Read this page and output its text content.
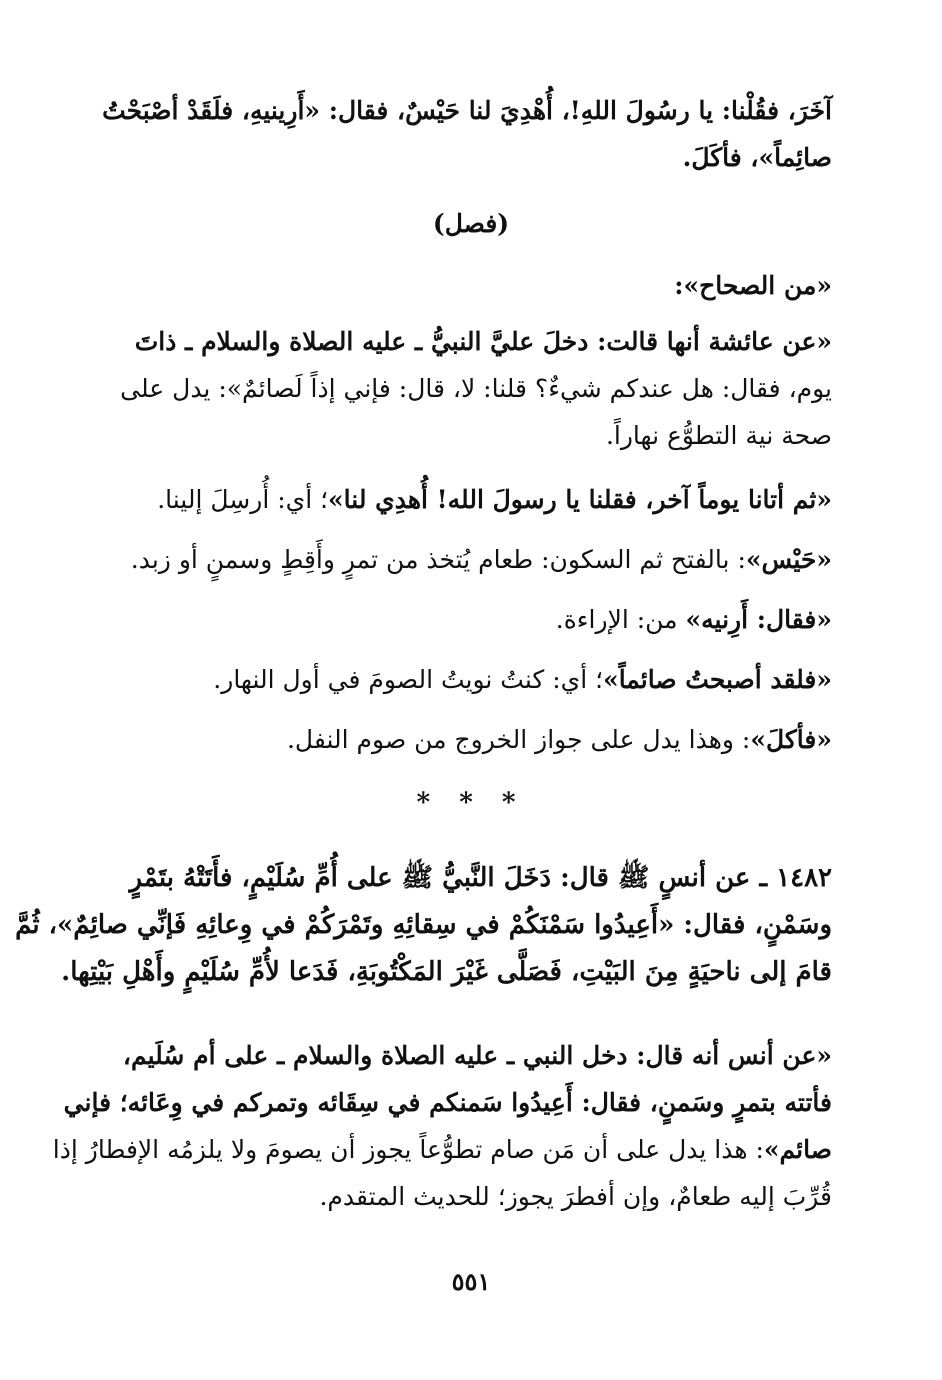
آخَرَ، فقُلْنا: يا رسُولَ اللهِ!، أُهْدِيَ لنا حَيْسٌ، فقال: «أَرِينيهِ، فلَقَدْ أصْبَحْتُ
صائِماً»، فأكَلَ.
(فصل)
«من الصحاح»:
«عن عائشة أنها قالت: دخلَ عليَّ النبيُّ ـ عليه الصلاة والسلام ـ ذاتَ
يوم، فقال: هل عندكم شيءٌ؟ قلنا: لا، قال: فإني إذاً لَصائمٌ»: يدل على
صحة نية التطوُّع نهاراً.
«ثم أتانا يوماً آخر، فقلنا يا رسولَ الله! أُهدِي لنا»؛ أي: أُرسِلَ إلينا.
«حَيْس»: بالفتح ثم السكون: طعام يُتخذ من تمرٍ وأَقِطٍ وسمنٍ أو زبد.
«فقال: أَرِنيه» من: الإراءة.
«فلقد أصبحتُ صائماً»؛ أي: كنتُ نويتُ الصومَ في أول النهار.
«فأكلَ»: وهذا يدل على جواز الخروج من صوم النفل.
* * *
١٤٨٢ ـ عن أنسٍ ﷺ قال: دَخَلَ النَّبيُّ ﷺ على أُمِّ سُلَيْمٍ، فأَتَتْهُ بتَمْرٍ
وسَمْنٍ، فقال: «أَعِيدُوا سَمْنَكُمْ في سِقائِهِ وتَمْرَكُمْ في وِعائِهِ فَإنِّي صائِمٌ»، ثُمَّ
قامَ إلى ناحيَةٍ مِنَ البَيْتِ، فَصَلَّى غَيْرَ المَكْتُوبَةِ، فَدَعا لأُمِّ سُلَيْمٍ وأَهْلِ بَيْتِها.
«عن أنس أنه قال: دخل النبي ـ عليه الصلاة والسلام ـ على أم سُلَيم،
فأتته بتمرٍ وسَمنٍ، فقال: أَعِيدُوا سَمنكم في سِقَائه وتمركم في وِعَائه؛ فإني
صائم»: هذا يدل على أن مَن صام تطوُّعاً يجوز أن يصومَ ولا يلزمُه الإفطارُ إذا
قُرِّبَ إليه طعامٌ، وإن أفطرَ يجوز؛ للحديث المتقدم.
٥٥١
